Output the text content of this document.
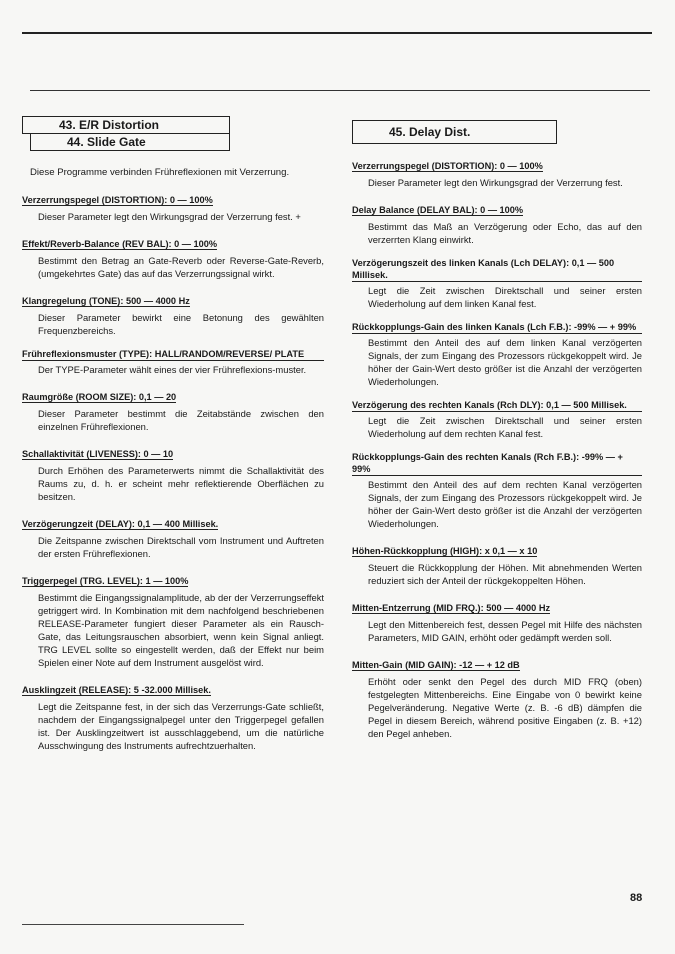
43. E/R Distortion
44. Slide Gate
Diese Programme verbinden Frühreflexionen mit Verzerrung.
Verzerrungspegel (DISTORTION): 0 — 100%
Dieser Parameter legt den Wirkungsgrad der Verzerrung fest. +
Effekt/Reverb-Balance (REV BAL): 0 — 100%
Bestimmt den Betrag an Gate-Reverb oder Reverse-Gate-Reverb, (umgekehrtes Gate) das auf das Verzerrungssignal wirkt.
Klangregelung (TONE): 500 — 4000 Hz
Dieser Parameter bewirkt eine Betonung des gewählten Frequenzbereichs.
Frühreflexionsmuster (TYPE): HALL/RANDOM/REVERSE/ PLATE
Der TYPE-Parameter wählt eines der vier Frühreflexions-muster.
Raumgröße (ROOM SIZE): 0,1 — 20
Dieser Parameter bestimmt die Zeitabstände zwischen den einzelnen Frühreflexionen.
Schallaktivität (LIVENESS): 0 — 10
Durch Erhöhen des Parameterwerts nimmt die Schallaktivität des Raums zu, d. h. er scheint mehr reflektierende Oberflächen zu besitzen.
Verzögerungzeit (DELAY): 0,1 — 400 Millisek.
Die Zeitspanne zwischen Direktschall vom Instrument und Auftreten der ersten Frühreflexionen.
Triggerpegel (TRG. LEVEL): 1 — 100%
Bestimmt die Eingangssignalamplitude, ab der der Verzerrungseffekt getriggert wird. In Kombination mit dem nachfolgend beschriebenen RELEASE-Parameter fungiert dieser Parameter als ein Rausch-Gate, das Leitungsrauschen absorbiert, wenn kein Signal anliegt. TRG LEVEL sollte so eingestellt werden, daß der Effekt nur beim Spielen einer Note auf dem Instrument ausgelöst wird.
Ausklingzeit (RELEASE): 5 -32.000 Millisek.
Legt die Zeitspanne fest, in der sich das Verzerrungs-Gate schließt, nachdem der Eingangssignalpegel unter den Triggerpegel gefallen ist. Der Ausklingzeitwert ist ausschlaggebend, um die natürliche Ausschwingung des Instruments aufrechtzuerhalten.
45. Delay Dist.
Verzerrungspegel (DISTORTION): 0 — 100%
Dieser Parameter legt den Wirkungsgrad der Verzerrung fest.
Delay Balance (DELAY BAL): 0 — 100%
Bestimmt das Maß an Verzögerung oder Echo, das auf den verzerrten Klang einwirkt.
Verzögerungszeit des linken Kanals (Lch DELAY): 0,1 — 500 Millisek.
Legt die Zeit zwischen Direktschall und seiner ersten Wiederholung auf dem linken Kanal fest.
Rückkopplungs-Gain des linken Kanals (Lch F.B.): -99% — + 99%
Bestimmt den Anteil des auf dem linken Kanal verzögerten Signals, der zum Eingang des Prozessors rückgekoppelt wird. Je höher der Gain-Wert desto größer ist die Anzahl der verzögerten Wiederholungen.
Verzögerung des rechten Kanals (Rch DLY): 0,1 — 500 Millisek.
Legt die Zeit zwischen Direktschall und seiner ersten Wiederholung auf dem rechten Kanal fest.
Rückkopplungs-Gain des rechten Kanals (Rch F.B.): -99% — + 99%
Bestimmt den Anteil des auf dem rechten Kanal verzögerten Signals, der zum Eingang des Prozessors rückgekoppelt wird. Je höher der Gain-Wert desto größer ist die Anzahl der verzögerten Wiederholungen.
Höhen-Rückkopplung (HIGH): x 0,1 — x 10
Steuert die Rückkopplung der Höhen. Mit abnehmenden Werten reduziert sich der Anteil der rückgekoppelten Höhen.
Mitten-Entzerrung (MID FRQ.): 500 — 4000 Hz
Legt den Mittenbereich fest, dessen Pegel mit Hilfe des nächsten Parameters, MID GAIN, erhöht oder gedämpft werden soll.
Mitten-Gain (MID GAIN): -12 — + 12 dB
Erhöht oder senkt den Pegel des durch MID FRQ (oben) festgelegten Mittenbereichs. Eine Eingabe von 0 bewirkt keine Pegelveränderung. Negative Werte (z. B. -6 dB) dämpfen die Pegel in diesem Bereich, während positive Eingaben (z. B. +12) den Pegel anheben.
88
